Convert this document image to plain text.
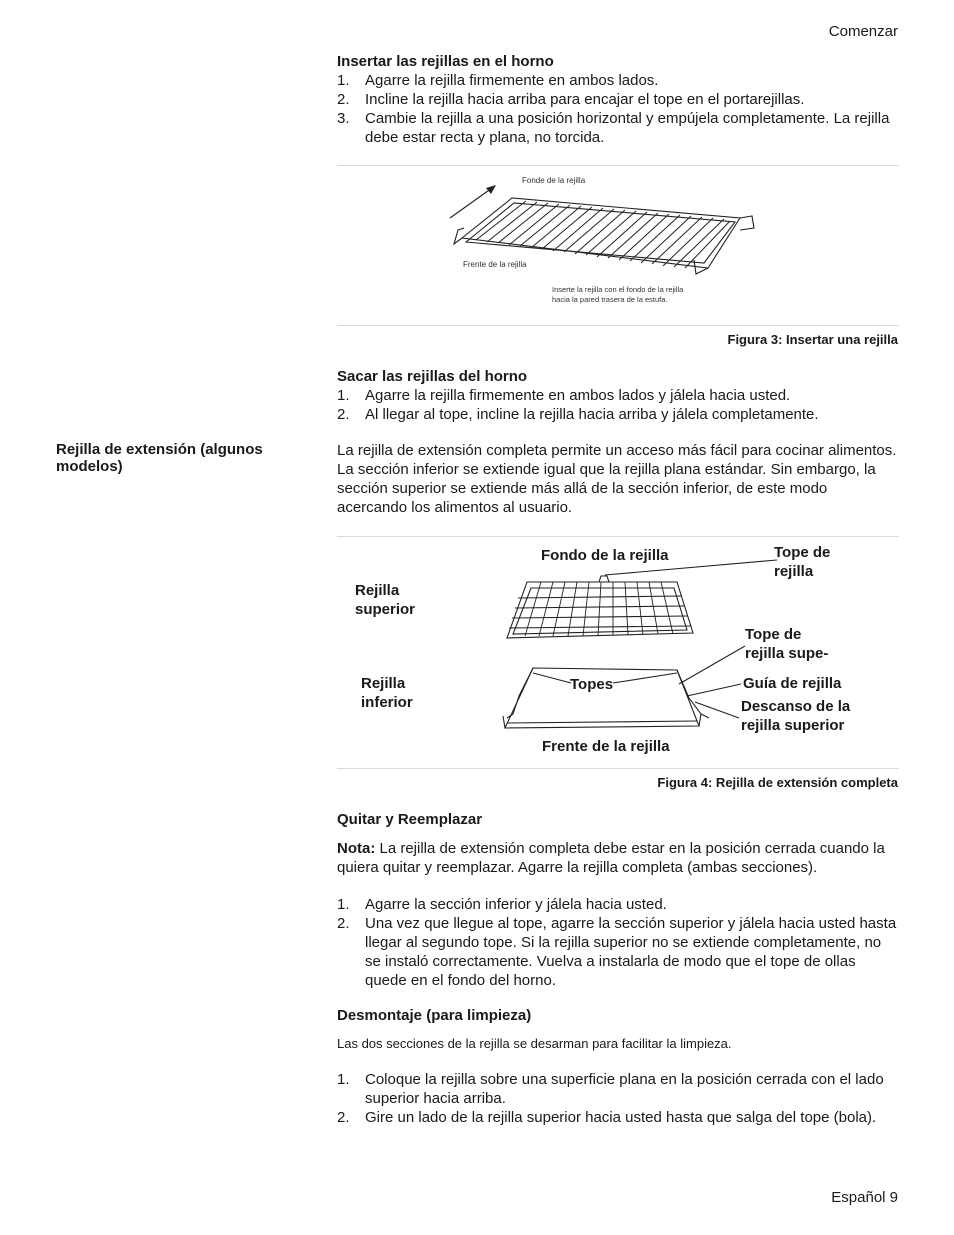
Comenzar
Insertar las rejillas en el horno
1. Agarre la rejilla firmemente en ambos lados.
2. Incline la rejilla hacia arriba para encajar el tope en el portarejillas.
3. Cambie la rejilla a una posición horizontal y empújela completamente. La rejilla debe estar recta y plana, no torcida.
Fonde de la rejilla
Frente de la rejilla
Inserte la rejilla con el fondo de la rejilla
hacia la pared trasera de la estufa.
Figura 3: Insertar una rejilla
Sacar las rejillas del horno
1. Agarre la rejilla firmemente en ambos lados y jálela hacia usted.
2. Al llegar al tope, incline la rejilla hacia arriba y jálela completamente.
Rejilla de extensión (algunos modelos)
La rejilla de extensión completa permite un acceso más fácil para cocinar alimentos. La sección inferior se extiende igual que la rejilla plana estándar. Sin embargo, la sección superior se extiende más allá de la sección inferior, de este modo acercando los alimentos al usuario.
Fondo de la rejilla	Tope de
rejilla
Rejilla
superior
Tope de
rejilla supe-
Rejilla
inferior
Topes	Guía de rejilla
Descanso de la
rejilla superior
Frente de la rejilla
Figura 4: Rejilla de extensión completa
Quitar y Reemplazar
Nota: La rejilla de extensión completa debe estar en la posición cerrada cuando la quiera quitar y reemplazar. Agarre la rejilla completa (ambas secciones).
1. Agarre la sección inferior y jálela hacia usted.
2. Una vez que llegue al tope, agarre la sección superior y jálela hacia usted hasta llegar al segundo tope. Si la rejilla superior no se extiende completamente, no se instaló correctamente. Vuelva a instalarla de modo que el tope de ollas quede en el fondo del horno.
Desmontaje (para limpieza)
Las dos secciones de la rejilla se desarman para facilitar la limpieza.
1. Coloque la rejilla sobre una superficie plana en la posición cerrada con el lado superior hacia arriba.
2. Gire un lado de la rejilla superior hacia usted hasta que salga del tope (bola).
Español 9
